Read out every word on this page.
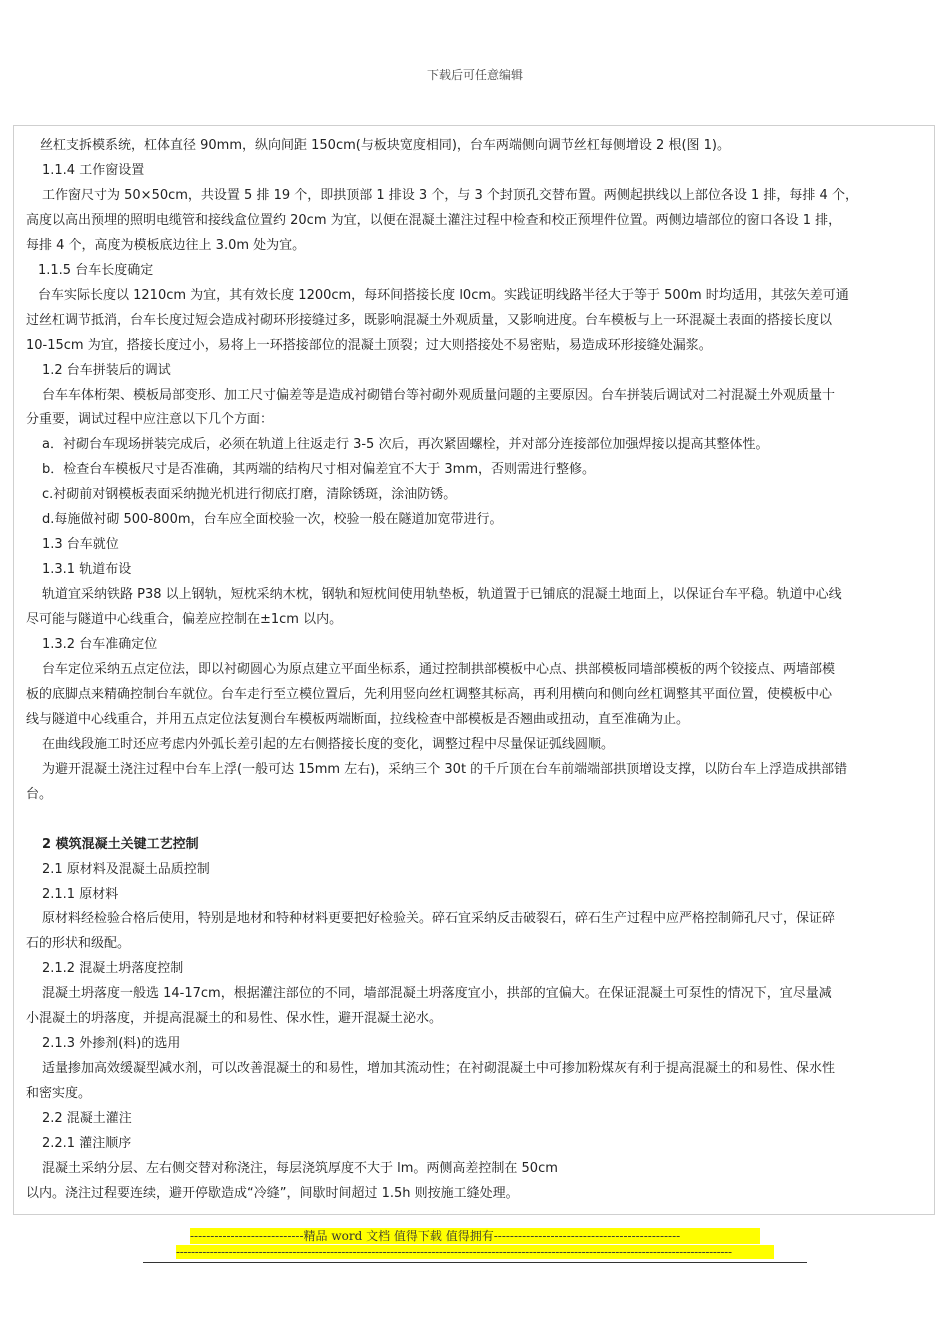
下载后可任意编辑
丝杠支拆模系统，杠体直径 90mm，纵向间距 150cm(与板块宽度相同)，台车两端侧向调节丝杠每侧增设 2 根(图 1)。
1.1.4 工作窗设置
工作窗尺寸为 50×50cm，共设置 5 排 19 个，即拱顶部 1 排设 3 个，与 3 个封顶孔交替布置。两侧起拱线以上部位各设 1 排，每排 4 个，
高度以高出预埋的照明电缆管和接线盒位置约 20cm 为宜，以便在混凝土灌注过程中检查和校正预埋件位置。两侧边墙部位的窗口各设 1 排，
每排 4 个，高度为模板底边往上 3.0m 处为宜。
1.1.5 台车长度确定
台车实际长度以 1210cm 为宜，其有效长度 1200cm，每环间搭接长度 l0cm。实践证明线路半径大于等于 500m 时均适用，其弦矢差可通
过丝杠调节抵消，台车长度过短会造成衬砌环形接缝过多，既影响混凝土外观质量，又影响进度。台车模板与上一环混凝土表面的搭接长度以
10-15cm 为宜，搭接长度过小，易将上一环搭接部位的混凝土顶裂；过大则搭接处不易密贴，易造成环形接缝处漏浆。
1.2 台车拼装后的调试
台车车体桁架、模板局部变形、加工尺寸偏差等是造成衬砌错台等衬砌外观质量问题的主要原因。台车拼装后调试对二衬混凝土外观质量十
分重要，调试过程中应注意以下几个方面：
a．衬砌台车现场拼装完成后，必须在轨道上往返走行 3-5 次后，再次紧固螺栓，并对部分连接部位加强焊接以提高其整体性。
b．检查台车模板尺寸是否准确，其两端的结构尺寸相对偏差宜不大于 3mm，否则需进行整修。
c.衬砌前对钢模板表面采纳抛光机进行彻底打磨，清除锈斑，涂油防锈。
d.每施做衬砌 500-800m，台车应全面校验一次，校验一般在隧道加宽带进行。
1.3 台车就位
1.3.1 轨道布设
轨道宜采纳铁路 P38 以上钢轨，短枕采纳木枕，钢轨和短枕间使用轨垫板，轨道置于已铺底的混凝土地面上，以保证台车平稳。轨道中心线
尽可能与隧道中心线重合，偏差应控制在±1cm 以内。
1.3.2 台车准确定位
台车定位采纳五点定位法，即以衬砌圆心为原点建立平面坐标系，通过控制拱部模板中心点、拱部模板同墙部模板的两个铰接点、两墙部模
板的底脚点来精确控制台车就位。台车走行至立模位置后，先利用竖向丝杠调整其标高，再利用横向和侧向丝杠调整其平面位置，使模板中心
线与隧道中心线重合，并用五点定位法复测台车模板两端断面，拉线检查中部模板是否翘曲或扭动，直至准确为止。
在曲线段施工时还应考虑内外弧长差引起的左右侧搭接长度的变化，调整过程中尽量保证弧线圆顺。
为避开混凝土浇注过程中台车上浮(一般可达 15mm 左右)，采纳三个 30t 的千斤顶在台车前端端部拱顶增设支撑，以防台车上浮造成拱部错
台。
2 模筑混凝土关键工艺控制
2.1 原材料及混凝土品质控制
2.1.1 原材料
原材料经检验合格后使用，特别是地材和特种材料更要把好检验关。碎石宜采纳反击破裂石，碎石生产过程中应严格控制筛孔尺寸，保证碎
石的形状和级配。
2.1.2 混凝土坍落度控制
混凝土坍落度一般选 14-17cm，根据灌注部位的不同，墙部混凝土坍落度宜小，拱部的宜偏大。在保证混凝土可泵性的情况下，宜尽量减
小混凝土的坍落度，并提高混凝土的和易性、保水性，避开混凝土泌水。
2.1.3 外掺剂(料)的选用
适量掺加高效缓凝型减水剂，可以改善混凝土的和易性，增加其流动性；在衬砌混凝土中可掺加粉煤灰有利于提高混凝土的和易性、保水性
和密实度。
2.2 混凝土灌注
2.2.1 灌注顺序
混凝土采纳分层、左右侧交替对称浇注，每层浇筑厚度不大于 lm。两侧高差控制在 50cm
以内。浇注过程要连续，避开停歇造成“冷缝”，间歇时间超过 1.5h 则按施工缝处理。
----------------------------精品 word 文档 值得下载 值得拥有----------------------------------------------
----------------------------------------------------------------------------------------------------------------------------------------------------
